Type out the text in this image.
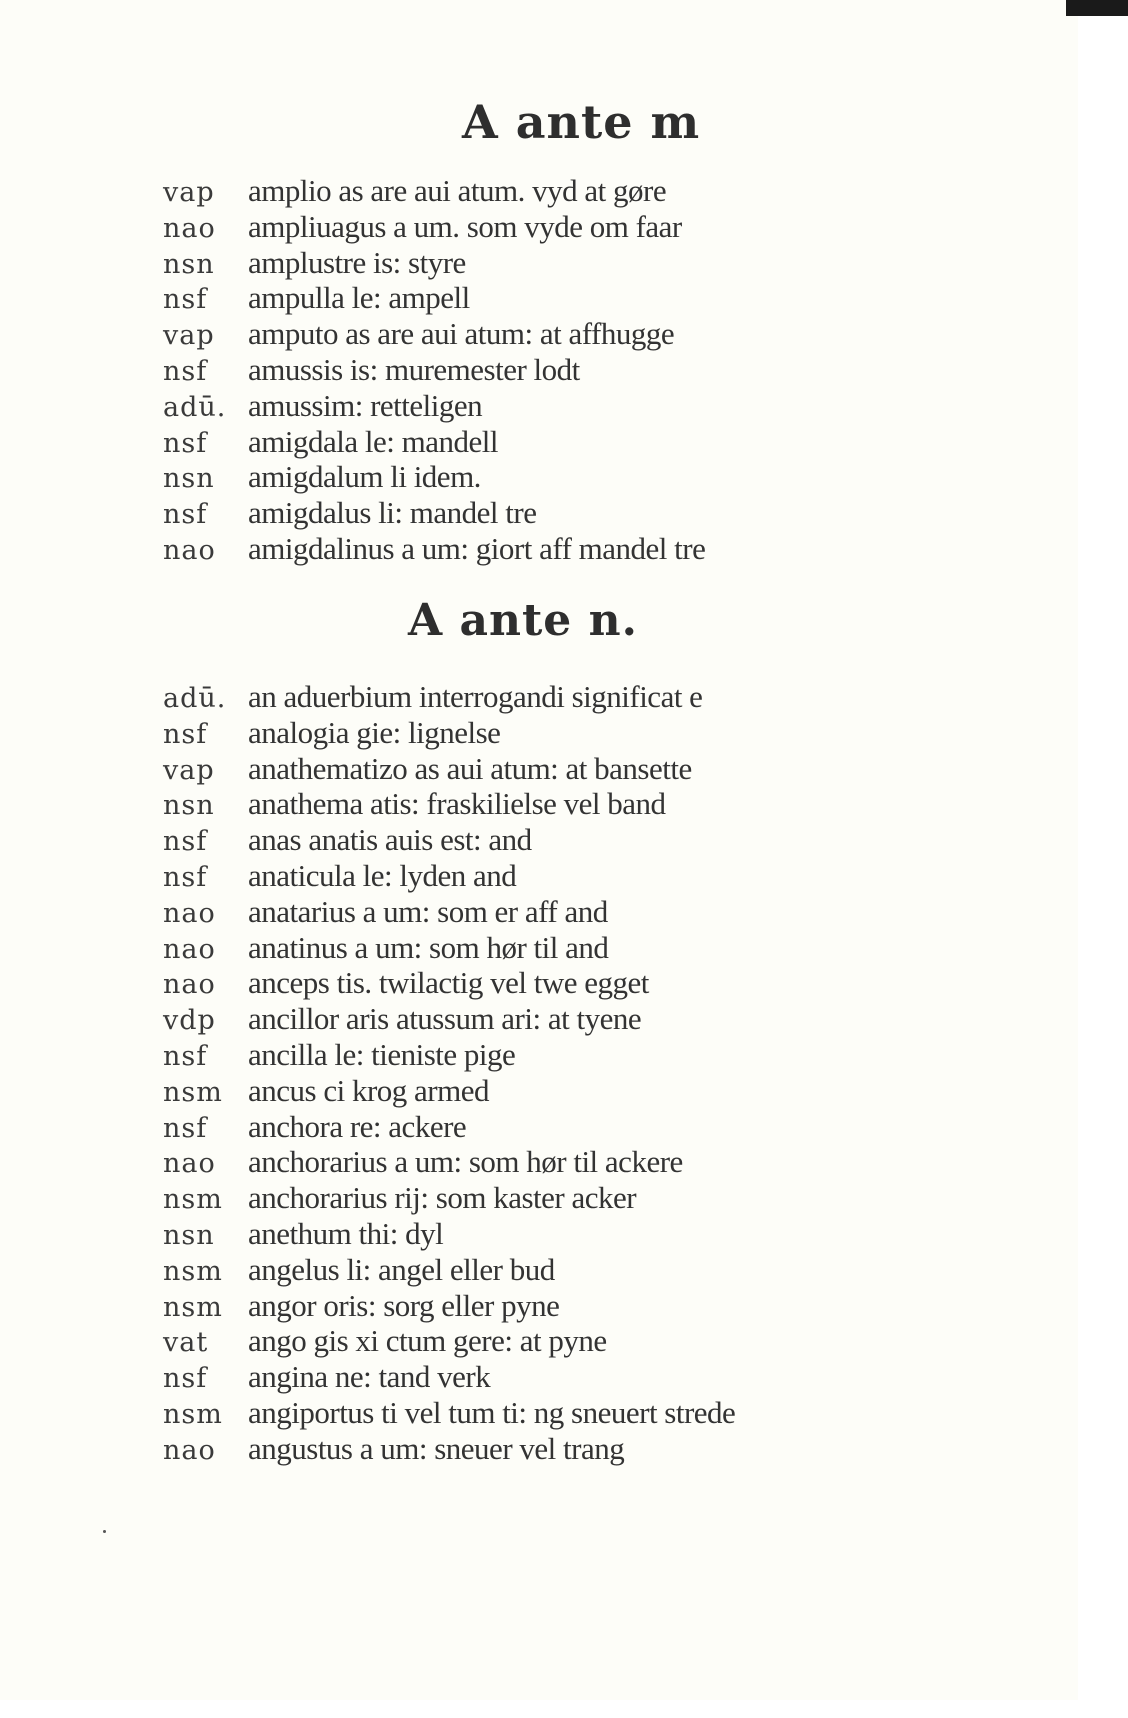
A ante m
vap	amplio as are aui atum. vyd at gøre
nao	ampliuagus a um. som vyde om faar
nsn	amplustre is: styre
nsf	ampulla le: ampell
vap	amputo as are aui atum: at affhugge
nsf	amussis is: muremester lodt
adū. amussim: retteligen
nsf	amigdala le: mandell
nsn	amigdalum li idem.
nsf	amigdalus li: mandel tre
nao	amigdalinus a um: giort aff mandel tre
A ante n.
adū. an aduerbium interrogandi significat e
nsf	analogia gie: lignelse
vap	anathematizo as aui atum: at bansette
nsn	anathema atis: fraskilielse vel band
nsf	anas anatis auis est: and
nsf	anaticula le: lyden and
nao	anatarius a um: som er aff and
nao	anatinus a um: som hør til and
nao	anceps tis. twilactig vel twe egget
vdp	ancillor aris atussum ari: at tyene
nsf	ancilla le: tieniste pige
nsm ancus ci krog armed
nsf	anchora re: ackere
nao	anchorarius a um: som hør til ackere
nsm anchorarius rij: som kaster acker
nsn	anethum thi: dyl
nsm angelus li: angel eller bud
nsm angor oris: sorg eller pyne
vat	ango gis xi ctum gere: at pyne
nsf	angina ne: tand verk
nsm angiportus ti vel tum ti: ng sneuert strede
nao	angustus a um: sneuer vel trang
